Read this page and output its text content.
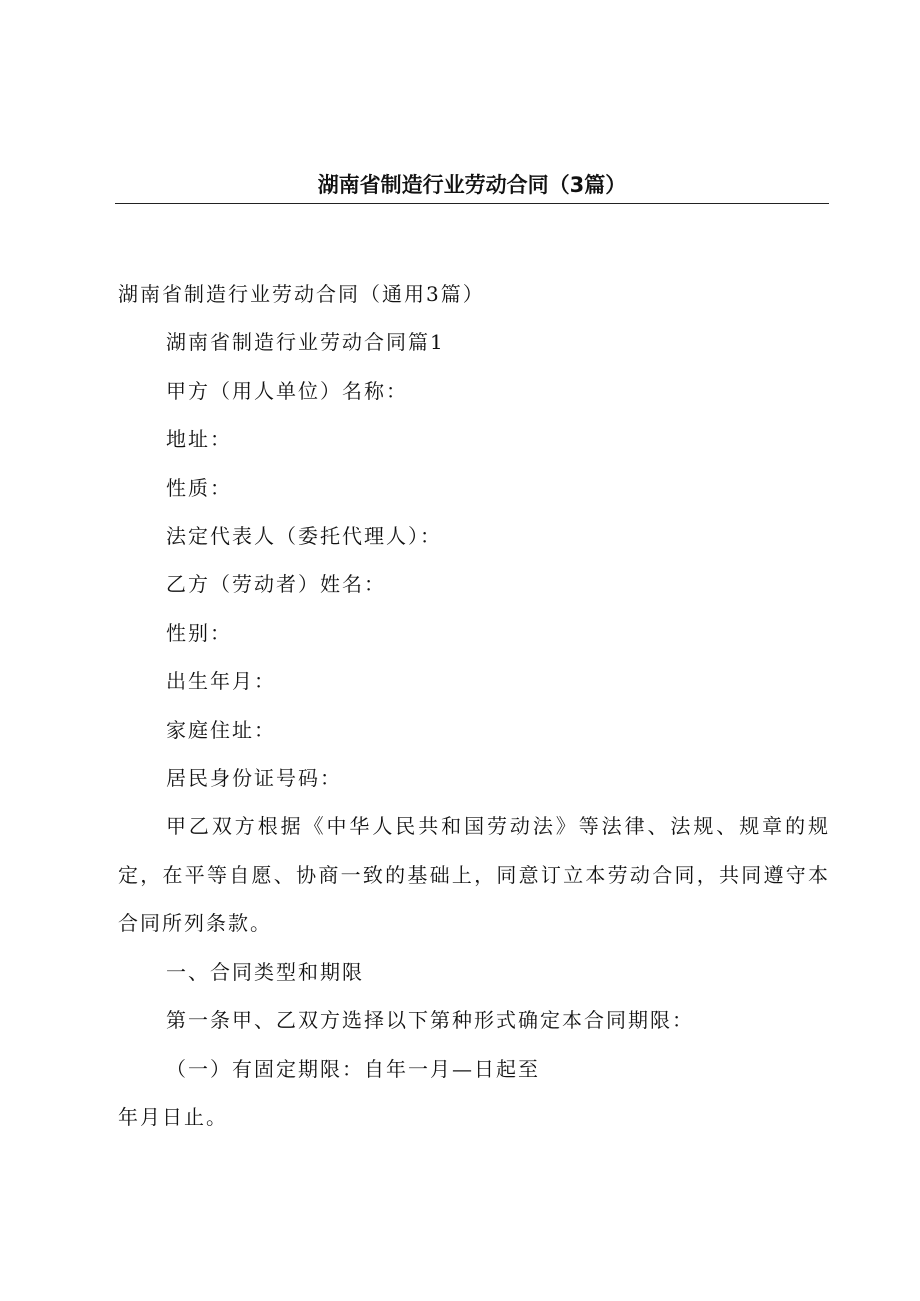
湖南省制造行业劳动合同（3篇）

湖南省制造行业劳动合同（通用3篇）

湖南省制造行业劳动合同篇1

甲方（用人单位）名称：

地址：

性质：

法定代表人（委托代理人）：

乙方（劳动者）姓名：

性别：

出生年月：

家庭住址：

居民身份证号码：

甲乙双方根据《中华人民共和国劳动法》等法律、法规、规章的规定，在平等自愿、协商一致的基础上，同意订立本劳动合同，共同遵守本合同所列条款。

一、合同类型和期限

第一条甲、乙双方选择以下第种形式确定本合同期限：

（一）有固定期限：自年一月—日起至

年月日止。
